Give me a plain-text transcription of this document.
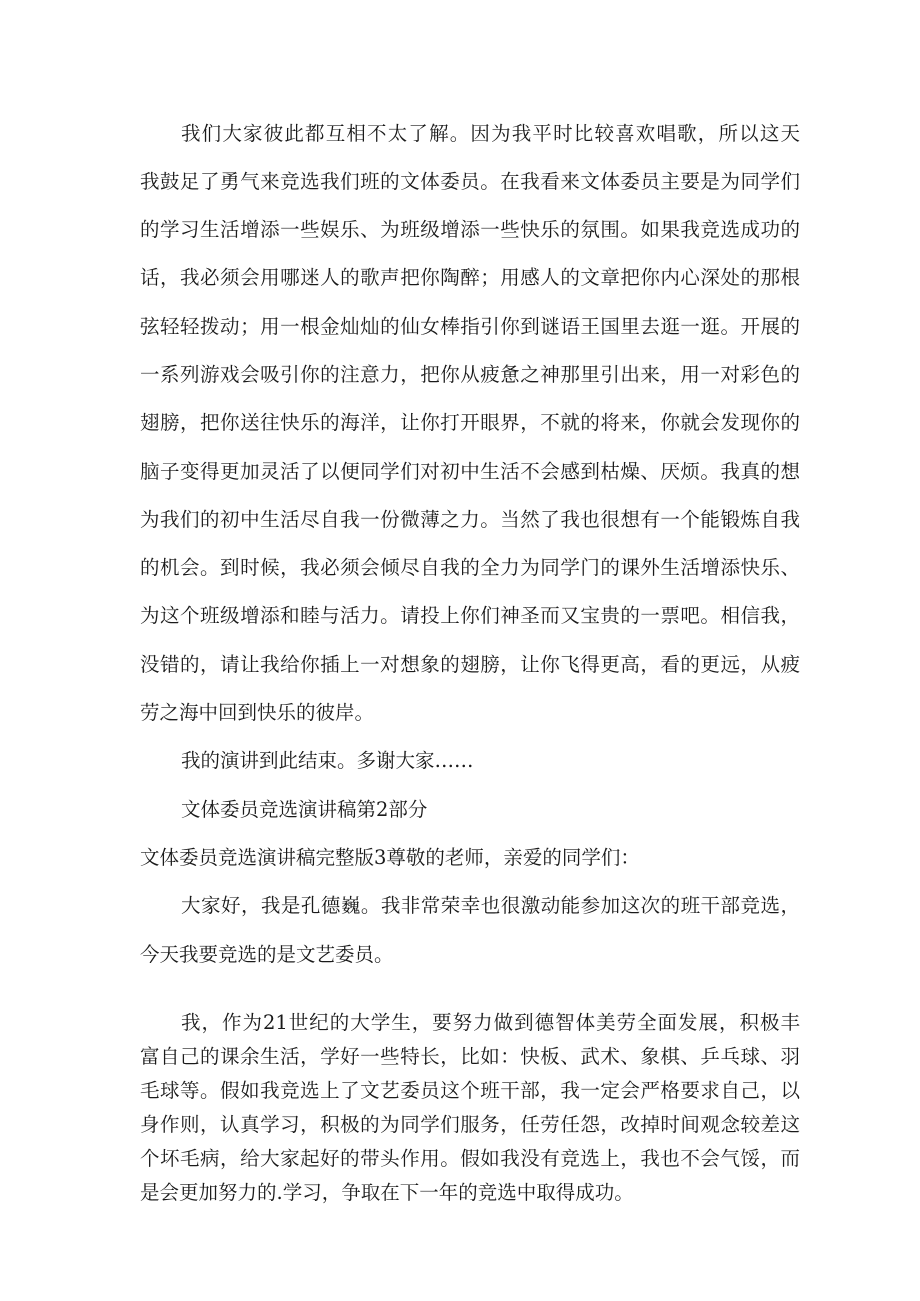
我们大家彼此都互相不太了解。因为我平时比较喜欢唱歌，所以这天
我鼓足了勇气来竞选我们班的文体委员。在我看来文体委员主要是为同学们
的学习生活增添一些娱乐、为班级增添一些快乐的氛围。如果我竞选成功的
话，我必须会用哪迷人的歌声把你陶醉；用感人的文章把你内心深处的那根
弦轻轻拨动；用一根金灿灿的仙女棒指引你到谜语王国里去逛一逛。开展的
一系列游戏会吸引你的注意力，把你从疲惫之神那里引出来，用一对彩色的
翅膀，把你送往快乐的海洋，让你打开眼界，不就的将来，你就会发现你的
脑子变得更加灵活了以便同学们对初中生活不会感到枯燥、厌烦。我真的想
为我们的初中生活尽自我一份微薄之力。当然了我也很想有一个能锻炼自我
的机会。到时候，我必须会倾尽自我的全力为同学门的课外生活增添快乐、
为这个班级增添和睦与活力。请投上你们神圣而又宝贵的一票吧。相信我，
没错的，请让我给你插上一对想象的翅膀，让你飞得更高，看的更远，从疲
劳之海中回到快乐的彼岸。
我的演讲到此结束。多谢大家……
文体委员竞选演讲稿第2部分
文体委员竞选演讲稿完整版3尊敬的老师，亲爱的同学们：
大家好，我是孔德巍。我非常荣幸也很激动能参加这次的班干部竞选，
今天我要竞选的是文艺委员。
我，作为21世纪的大学生，要努力做到德智体美劳全面发展，积极丰
富自己的课余生活，学好一些特长，比如：快板、武术、象棋、乒乓球、羽
毛球等。假如我竞选上了文艺委员这个班干部，我一定会严格要求自己，以
身作则，认真学习，积极的为同学们服务，任劳任怨，改掉时间观念较差这
个坏毛病，给大家起好的带头作用。假如我没有竞选上，我也不会气馁，而
是会更加努力的.学习，争取在下一年的竞选中取得成功。
